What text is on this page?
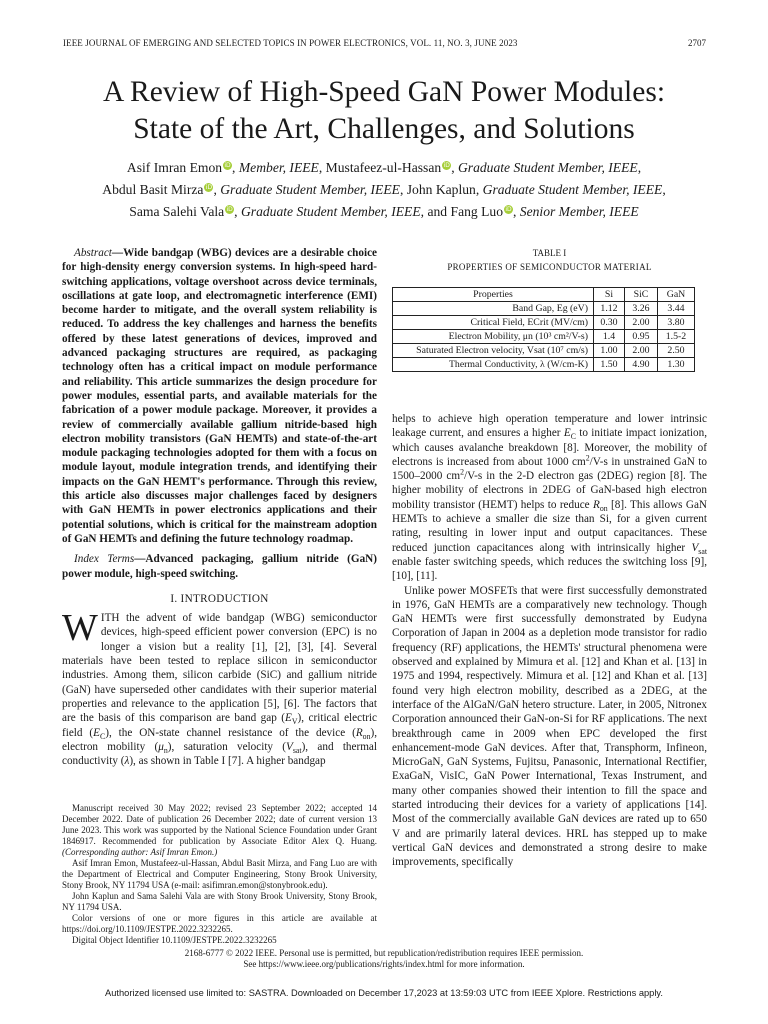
IEEE JOURNAL OF EMERGING AND SELECTED TOPICS IN POWER ELECTRONICS, VOL. 11, NO. 3, JUNE 2023	2707
A Review of High-Speed GaN Power Modules:
State of the Art, Challenges, and Solutions
Asif Imran Emon iD, Member, IEEE, Mustafeez-ul-Hassan iD, Graduate Student Member, IEEE,
Abdul Basit Mirza iD, Graduate Student Member, IEEE, John Kaplun, Graduate Student Member, IEEE,
Sama Salehi Vala iD, Graduate Student Member, IEEE, and Fang Luo iD, Senior Member, IEEE

Abstract—Wide bandgap (WBG) devices are a desirable choice for high-density energy conversion systems. In high-speed hard-switching applications, voltage overshoot across device terminals, oscillations at gate loop, and electromagnetic interference (EMI) become harder to mitigate, and the overall system reliability is reduced. To address the key challenges and harness the benefits offered by these latest generations of devices, improved and advanced packaging structures are required, as packaging technology often has a critical impact on module performance and reliability. This article summarizes the design procedure for power modules, essential parts, and available materials for the fabrication of a power module package. Moreover, it provides a review of commercially available gallium nitride-based high electron mobility transistors (GaN HEMTs) and state-of-the-art module packaging technologies adopted for them with a focus on module layout, module integration trends, and identifying their impacts on the GaN HEMT's performance. Through this review, this article also discusses major challenges faced by designers with GaN HEMTs in power electronics applications and their potential solutions, which is critical for the mainstream adoption of GaN HEMTs and defining the future technology roadmap.

Index Terms—Advanced packaging, gallium nitride (GaN) power module, high-speed switching.

I. INTRODUCTION

WITH the advent of wide bandgap (WBG) semiconductor devices, high-speed efficient power conversion (EPC) is no longer a vision but a reality [1], [2], [3], [4]. Several materials have been tested to replace silicon in semiconductor industries. Among them, silicon carbide (SiC) and gallium nitride (GaN) have superseded other candidates with their superior material properties and relevance to the application [5], [6]. The factors that are the basis of this comparison are band gap $(E_V)$, critical electric field $(E_C)$, the ON-state channel resistance of the device $(R_{on})$, electron mobility $(\mu_n)$, saturation velocity $(V_{sat})$, and thermal conductivity (λ), as shown in Table I [7]. A higher bandgap

Manuscript received 30 May 2022; revised 23 September 2022; accepted 14 December 2022. Date of publication 26 December 2022; date of current version 13 June 2023. This work was supported by the National Science Foundation under Grant 1846917. Recommended for publication by Associate Editor Alex Q. Huang. (Corresponding author: Asif Imran Emon.)

Asif Imran Emon, Mustafeez-ul-Hassan, Abdul Basit Mirza, and Fang Luo are with the Department of Electrical and Computer Engineering, Stony Brook University, Stony Brook, NY 11794 USA (e-mail: asifimran.emon@stonybrook.edu).

John Kaplun and Sama Salehi Vala are with Stony Brook University, Stony Brook, NY 11794 USA.

Color versions of one or more figures in this article are available at https://doi.org/10.1109/JESTPE.2022.3232265.

Digital Object Identifier 10.1109/JESTPE.2022.3232265

TABLE I
PROPERTIES OF SEMICONDUCTOR MATERIAL
Properties	Si	SiC	GaN
Band Gap, Eg (eV)	1.12	3.26	3.44
Critical Field, ECrit (MV/cm)	0.30	2.00	3.80
Electron Mobility, μn (10³ cm²/V-s)	1.4	0.95	1.5-2
Saturated Electron velocity, Vsat (10⁷ cm/s)	1.00	2.00	2.50
Thermal Conductivity, λ (W/cm-K)	1.50	4.90	1.30

helps to achieve high operation temperature and lower intrinsic leakage current, and ensures a higher $E_C$ to initiate impact ionization, which causes avalanche breakdown [8]. Moreover, the mobility of electrons is increased from about 1000 $cm^2/V-s$ in unstrained GaN to 1500–2000 $cm^2/V-s$ in the 2-D electron gas (2DEG) region [8]. The higher mobility of electrons in 2DEG of GaN-based high electron mobility transistor (HEMT) helps to reduce $R_{on}$ [8]. This allows GaN HEMTs to achieve a smaller die size than Si, for a given current rating, resulting in lower input and output capacitances. These reduced junction capacitances along with intrinsically higher $V_{sat}$ enable faster switching speeds, which reduces the switching loss [9], [10], [11].

Unlike power MOSFETs that were first successfully demonstrated in 1976, GaN HEMTs are a comparatively new technology. Though GaN HEMTs were first successfully demonstrated by Eudyna Corporation of Japan in 2004 as a depletion mode transistor for radio frequency (RF) applications, the HEMTs' structural phenomena were observed and explained by Mimura et al. [12] and Khan et al. [13] in 1975 and 1994, respectively. Mimura et al. [12] and Khan et al. [13] found very high electron mobility, described as a 2DEG, at the interface of the AlGaN/GaN hetero structure. Later, in 2005, Nitronex Corporation announced their GaN-on-Si for RF applications. The next breakthrough came in 2009 when EPC developed the first enhancement-mode GaN devices. After that, Transphorm, Infineon, MicroGaN, GaN Systems, Fujitsu, Panasonic, International Rectifier, ExaGaN, VisIC, GaN Power International, Texas Instrument, and many other companies showed their intention to fill the space and started introducing their devices for a variety of applications [14]. Most of the commercially available GaN devices are rated up to 650 V and are primarily lateral devices. HRL has stepped up to make vertical GaN devices and demonstrated a strong desire to make improvements, specifically

2168-6777 © 2022 IEEE. Personal use is permitted, but republication/redistribution requires IEEE permission.
See https://www.ieee.org/publications/rights/index.html for more information.
Authorized licensed use limited to: SASTRA. Downloaded on December 17,2023 at 13:59:03 UTC from IEEE Xplore. Restrictions apply.
